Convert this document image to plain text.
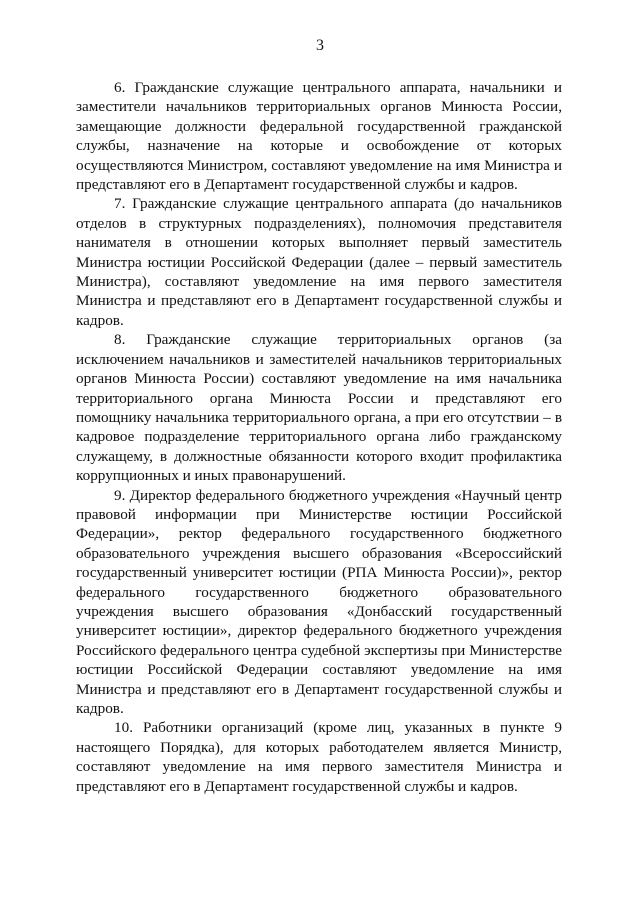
3

6. Гражданские служащие центрального аппарата, начальники и заместители начальников территориальных органов Минюста России, замещающие должности федеральной государственной гражданской службы, назначение на которые и освобождение от которых осуществляются Министром, составляют уведомление на имя Министра и представляют его в Департамент государственной службы и кадров.

7. Гражданские служащие центрального аппарата (до начальников отделов в структурных подразделениях), полномочия представителя нанимателя в отношении которых выполняет первый заместитель Министра юстиции Российской Федерации (далее – первый заместитель Министра), составляют уведомление на имя первого заместителя Министра и представляют его в Департамент государственной службы и кадров.

8. Гражданские служащие территориальных органов (за исключением начальников и заместителей начальников территориальных органов Минюста России) составляют уведомление на имя начальника территориального органа Минюста России и представляют его помощнику начальника территориального органа, а при его отсутствии – в кадровое подразделение территориального органа либо гражданскому служащему, в должностные обязанности которого входит профилактика коррупционных и иных правонарушений.

9. Директор федерального бюджетного учреждения «Научный центр правовой информации при Министерстве юстиции Российской Федерации», ректор федерального государственного бюджетного образовательного учреждения высшего образования «Всероссийский государственный университет юстиции (РПА Минюста России)», ректор федерального государственного бюджетного образовательного учреждения высшего образования «Донбасский государственный университет юстиции», директор федерального бюджетного учреждения Российского федерального центра судебной экспертизы при Министерстве юстиции Российской Федерации составляют уведомление на имя Министра и представляют его в Департамент государственной службы и кадров.

10. Работники организаций (кроме лиц, указанных в пункте 9 настоящего Порядка), для которых работодателем является Министр, составляют уведомление на имя первого заместителя Министра и представляют его в Департамент государственной службы и кадров.
